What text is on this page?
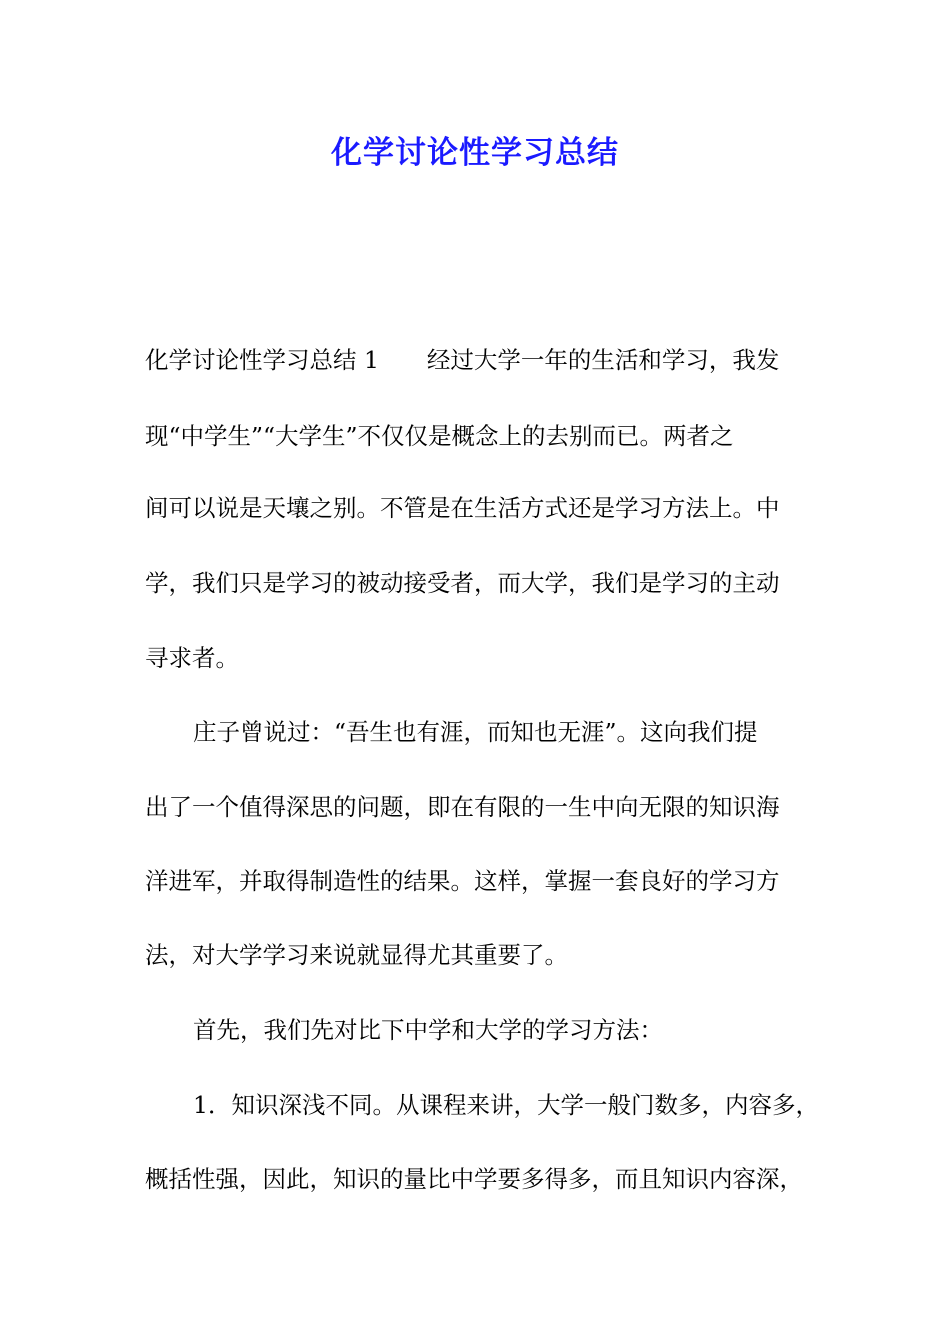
化学讨论性学习总结
化学讨论性学习总结 1 经过大学一年的生活和学习，我发
现“中学生”“大学生”不仅仅是概念上的去别而已。两者之
间可以说是天壤之别。不管是在生活方式还是学习方法上。中
学，我们只是学习的被动接受者，而大学，我们是学习的主动
寻求者。
庄子曾说过：“吾生也有涯，而知也无涯”。这向我们提
出了一个值得深思的问题，即在有限的一生中向无限的知识海
洋进军，并取得制造性的结果。这样，掌握一套良好的学习方
法，对大学学习来说就显得尤其重要了。
首先，我们先对比下中学和大学的学习方法：
1．知识深浅不同。从课程来讲，大学一般门数多，内容多，
概括性强，因此，知识的量比中学要多得多，而且知识内容深，
